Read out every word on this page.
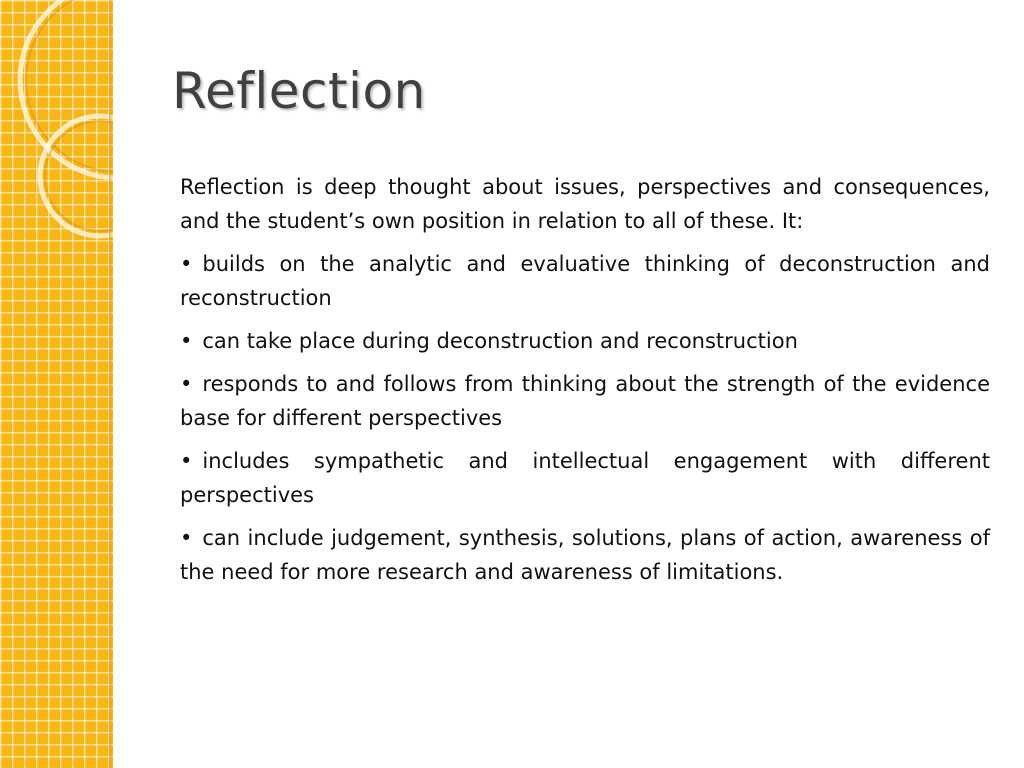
Reflection

Reflection is deep thought about issues, perspectives and consequences, and the student’s own position in relation to all of these. It:

• builds on the analytic and evaluative thinking of deconstruction and reconstruction

• can take place during deconstruction and reconstruction

• responds to and follows from thinking about the strength of the evidence base for different perspectives

• includes sympathetic and intellectual engagement with different perspectives

• can include judgement, synthesis, solutions, plans of action, awareness of the need for more research and awareness of limitations.
